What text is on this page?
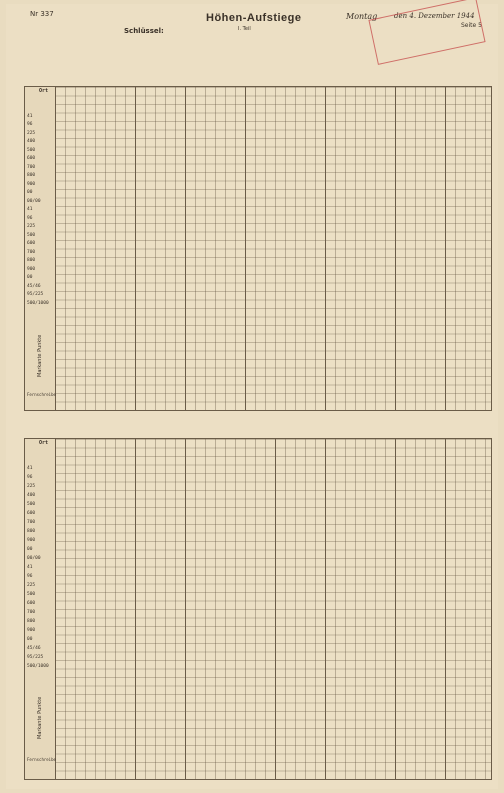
Nr 337	Höhen-Aufstiege
I. Teil
Schlüssel:
Montag den 4. Dezember 1944
Seite 5
Ort
41
96
225
400
500
600
700
800
900
00
00/00
41
96
225
500
600
700
800
900
00
45/46
95/225
500/1000
Markante Punkte
Fernschreibe
Ort
41
96
225
400
500
600
700
800
900
00
00/00
41
96
225
500
600
700
800
900
00
45/46
95/225
500/1000
Markante Punkte
Fernschreibe
